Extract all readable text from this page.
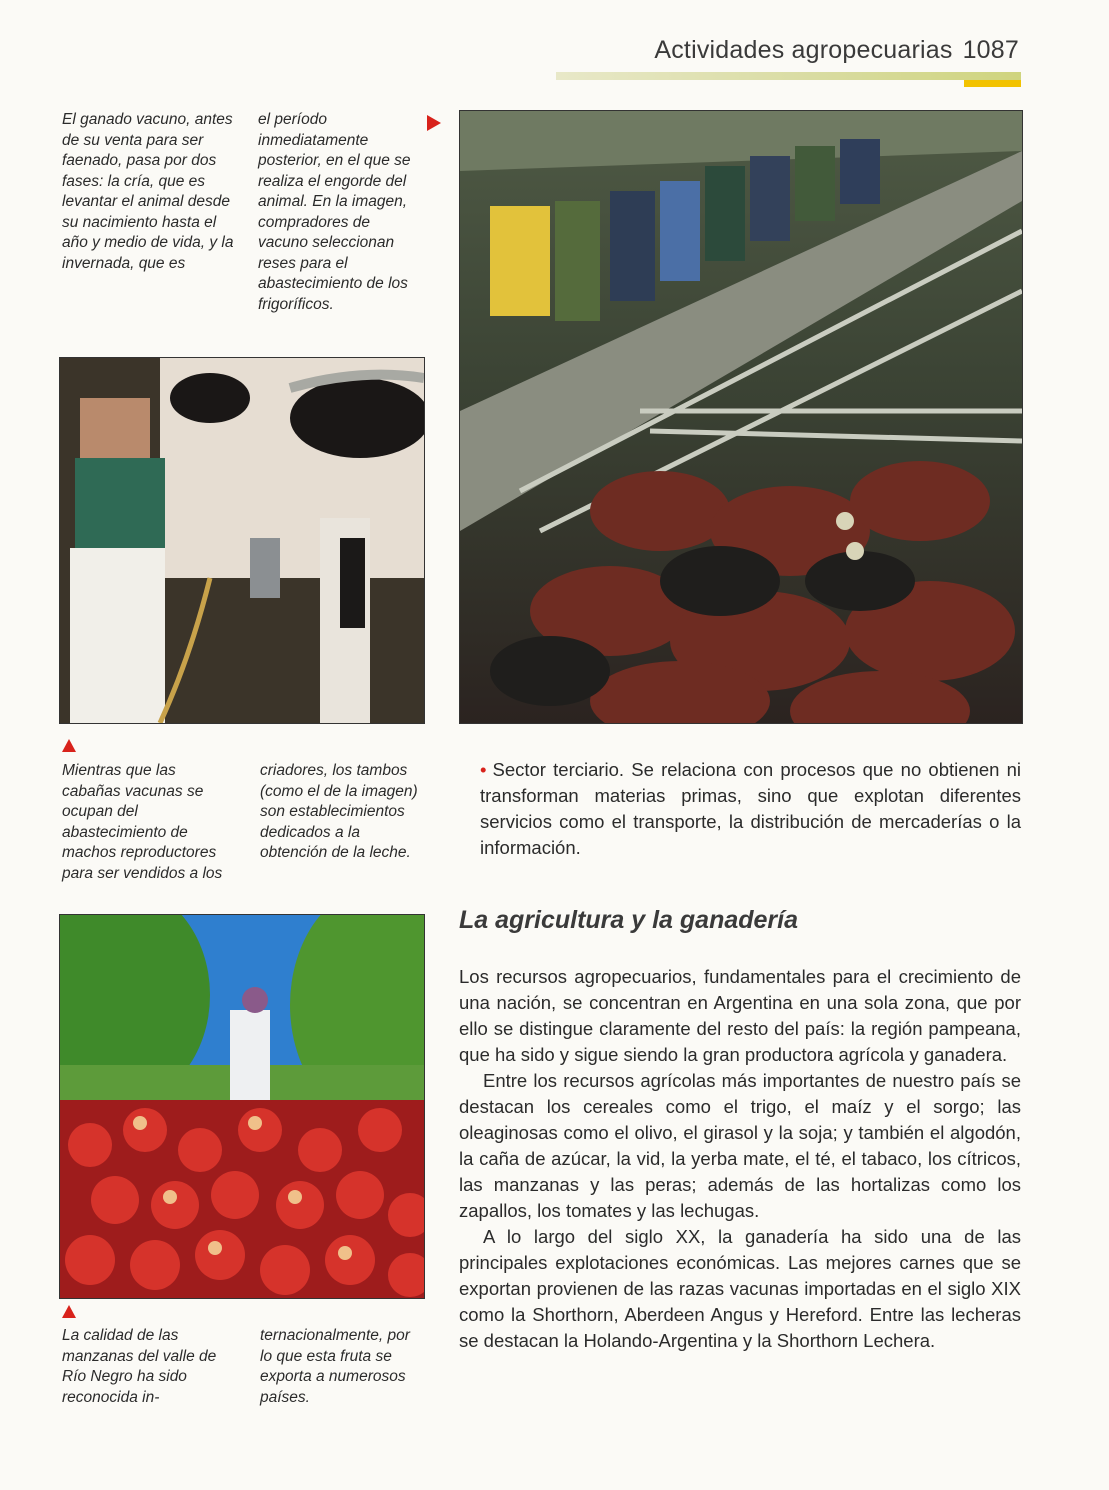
Actividades agropecuarias 1087
El ganado vacuno, antes de su venta para ser faenado, pasa por dos fases: la cría, que es levantar el animal desde su nacimiento hasta el año y medio de vida, y la invernada, que es
el período inmediatamente posterior, en el que se realiza el engorde del animal. En la imagen, compradores de vacuno seleccionan reses para el abastecimiento de los frigoríficos.
Mientras que las cabañas vacunas se ocupan del abastecimiento de machos reproductores para ser vendidos a los
criadores, los tambos (como el de la imagen) son establecimientos dedicados a la obtención de la leche.

• Sector terciario. Se relaciona con procesos que no obtienen ni transforman materias primas, sino que explotan diferentes servicios como el transporte, la distribución de mercaderías o la información.

La calidad de las manzanas del valle de Río Negro ha sido reconocida in-
ternacionalmente, por lo que esta fruta se exporta a numerosos países.
La agricultura y la ganadería

Los recursos agropecuarios, fundamentales para el crecimiento de una nación, se concentran en Argentina en una sola zona, que por ello se distingue claramente del resto del país: la región pampeana, que ha sido y sigue siendo la gran productora agrícola y ganadera.

Entre los recursos agrícolas más importantes de nuestro país se destacan los cereales como el trigo, el maíz y el sorgo; las oleaginosas como el olivo, el girasol y la soja; y también el algodón, la caña de azúcar, la vid, la yerba mate, el té, el tabaco, los cítricos, las manzanas y las peras; además de las hortalizas como los zapallos, los tomates y las lechugas.

A lo largo del siglo XX, la ganadería ha sido una de las principales explotaciones económicas. Las mejores carnes que se exportan provienen de las razas vacunas importadas en el siglo XIX como la Shorthorn, Aberdeen Angus y Hereford. Entre las lecheras se destacan la Holando-Argentina y la Shorthorn Lechera.
